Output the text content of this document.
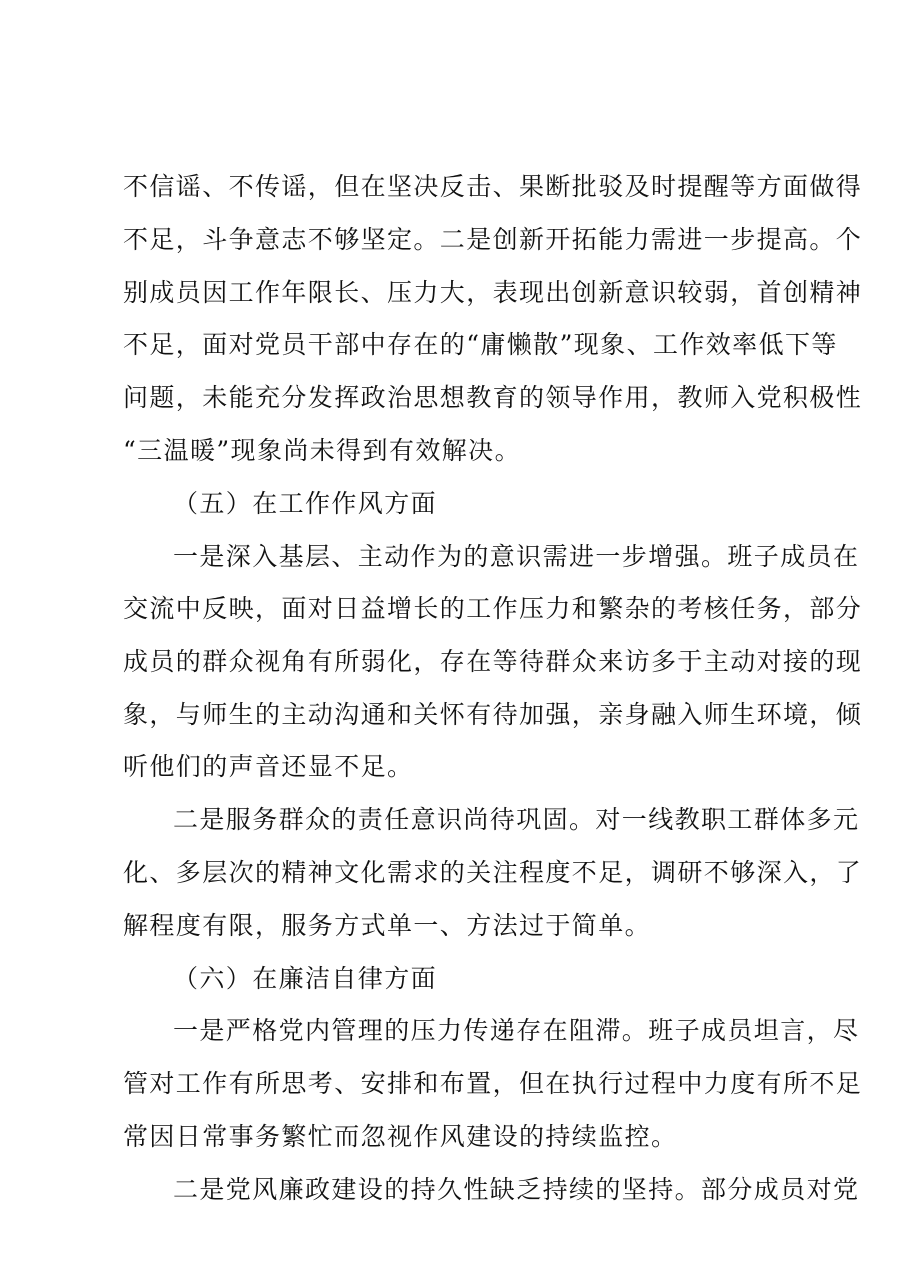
不信谣、不传谣，但在坚决反击、果断批驳及时提醒等方面做得
不足，斗争意志不够坚定。二是创新开拓能力需进一步提高。个
别成员因工作年限长、压力大，表现出创新意识较弱，首创精神
不足，面对党员干部中存在的“庸懒散”现象、工作效率低下等
问题，未能充分发挥政治思想教育的领导作用，教师入党积极性
“三温暖”现象尚未得到有效解决。
（五）在工作作风方面
一是深入基层、主动作为的意识需进一步增强。班子成员在
交流中反映，面对日益增长的工作压力和繁杂的考核任务，部分
成员的群众视角有所弱化，存在等待群众来访多于主动对接的现
象，与师生的主动沟通和关怀有待加强，亲身融入师生环境，倾
听他们的声音还显不足。
二是服务群众的责任意识尚待巩固。对一线教职工群体多元
化、多层次的精神文化需求的关注程度不足，调研不够深入，了
解程度有限，服务方式单一、方法过于简单。
（六）在廉洁自律方面
一是严格党内管理的压力传递存在阻滞。班子成员坦言，尽
管对工作有所思考、安排和布置，但在执行过程中力度有所不足
常因日常事务繁忙而忽视作风建设的持续监控。
二是党风廉政建设的持久性缺乏持续的坚持。部分成员对党
